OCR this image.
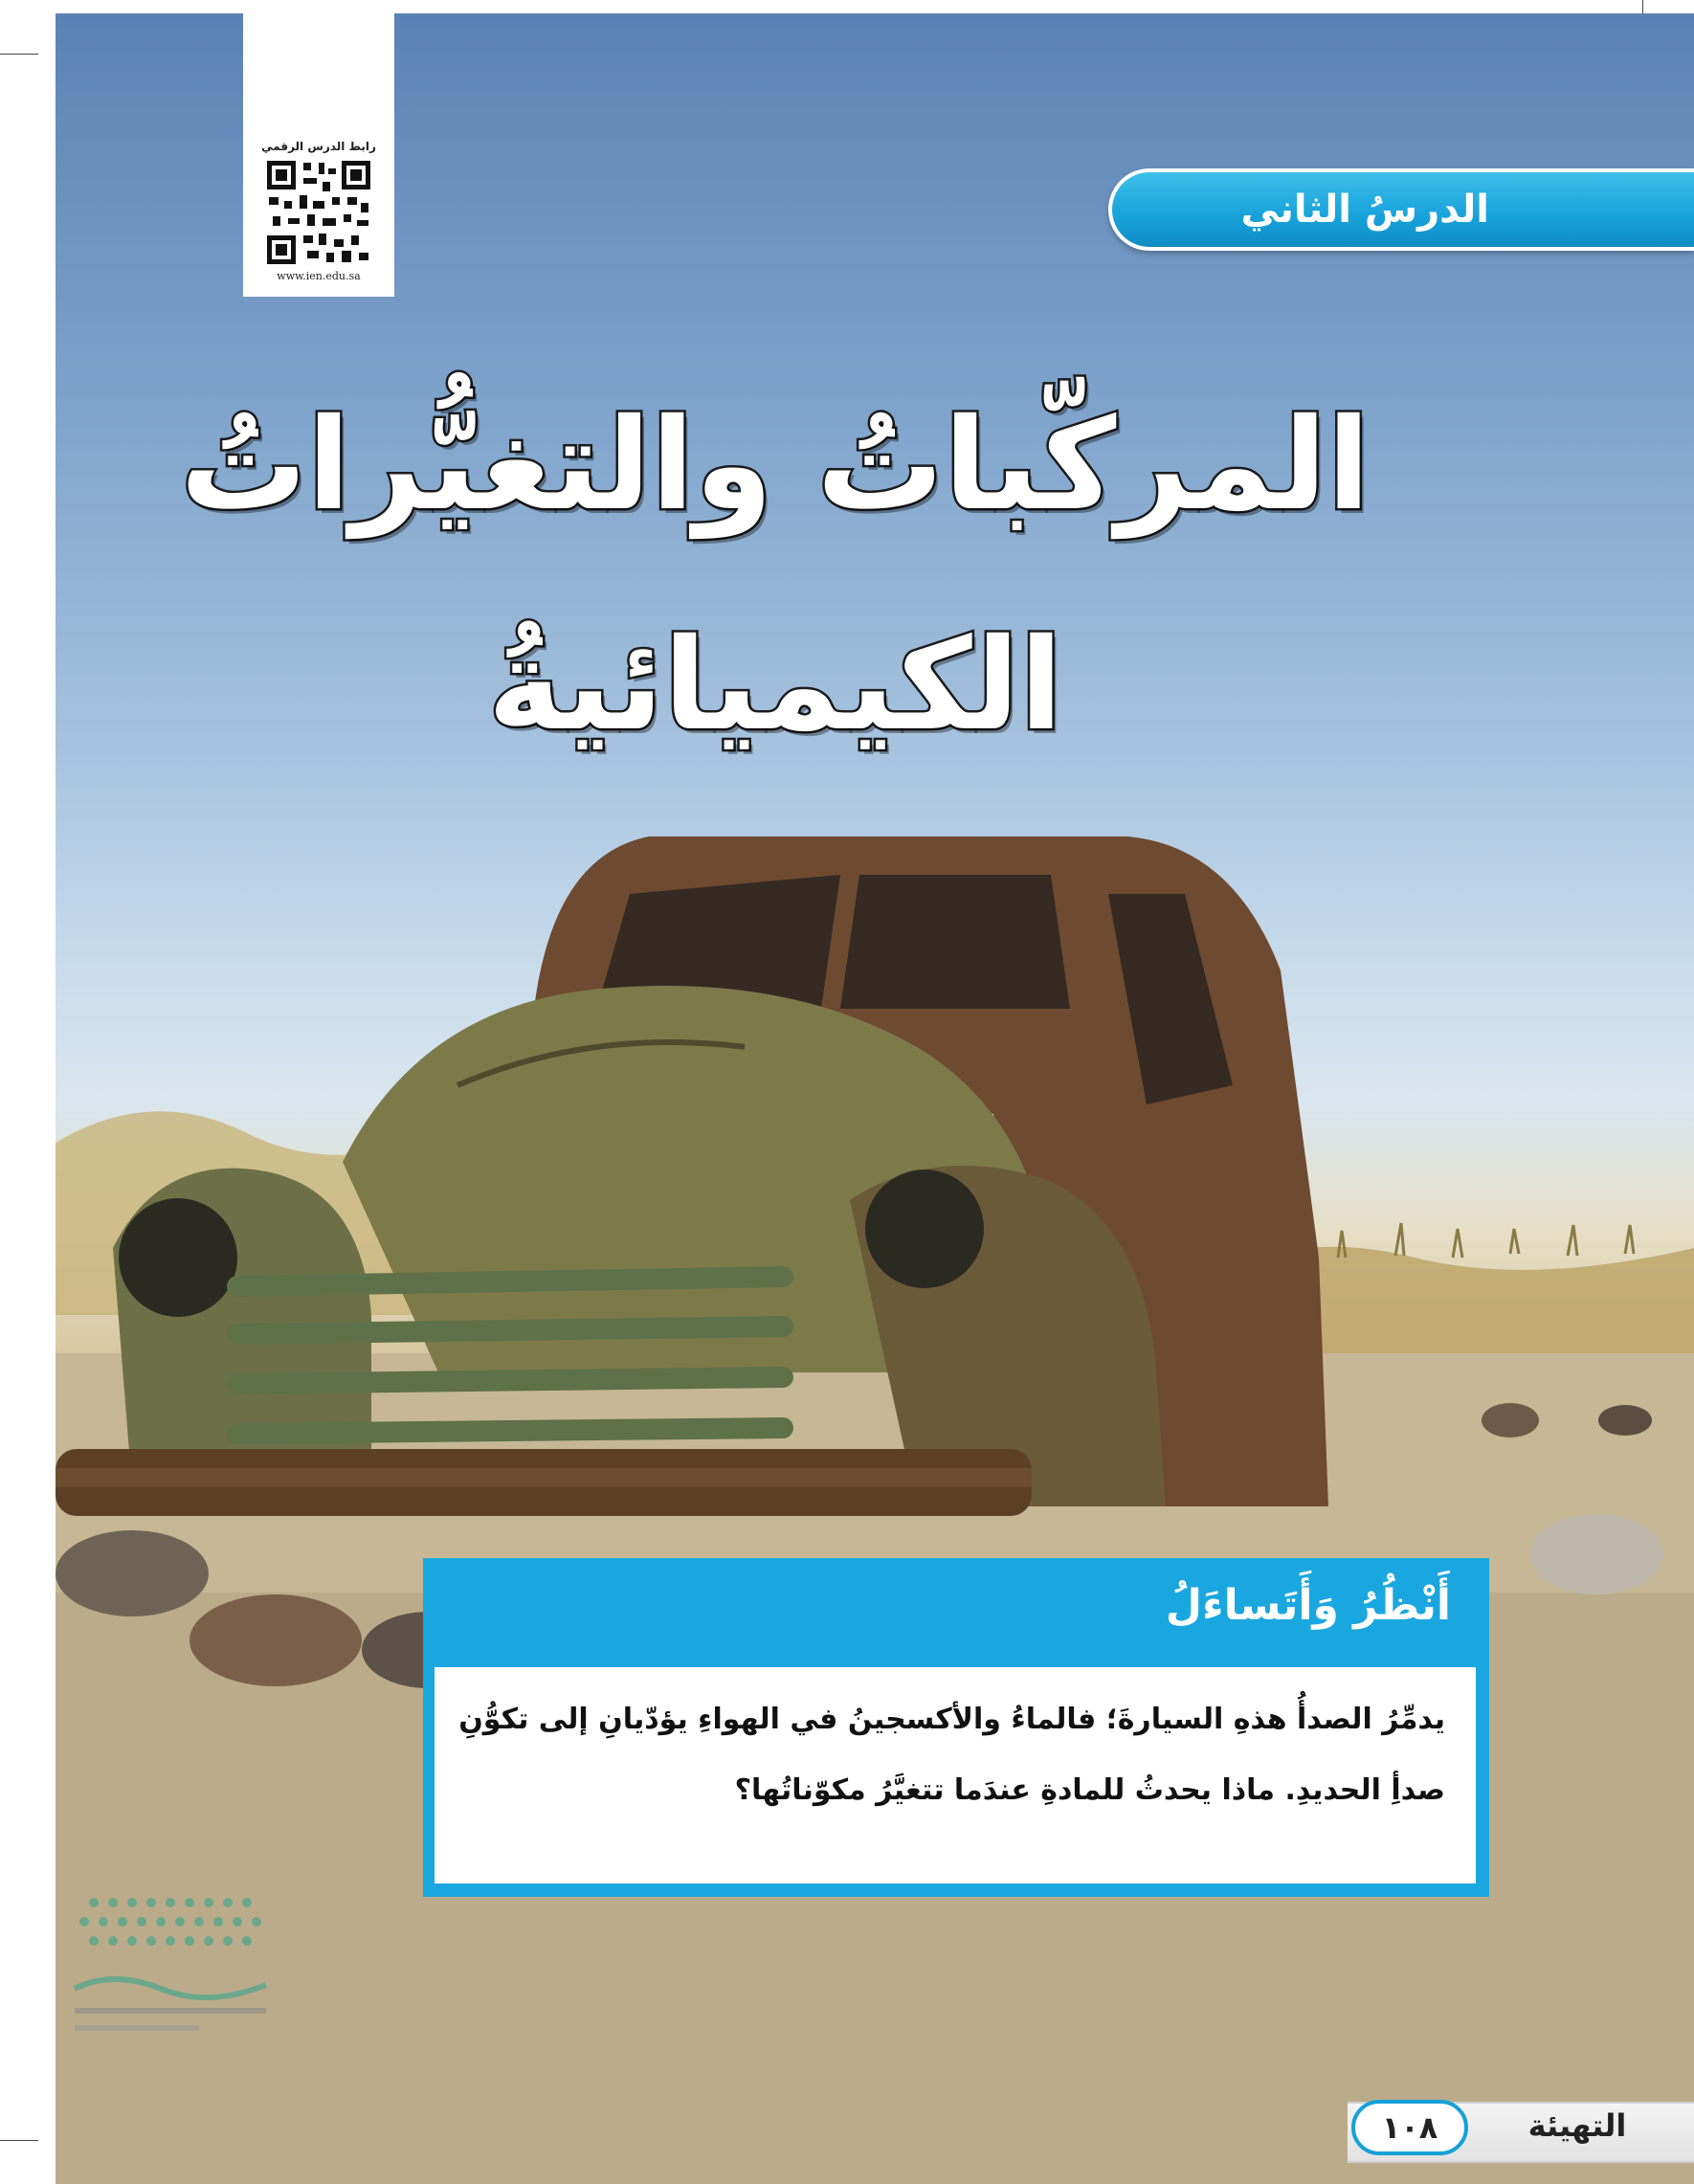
رابط الدرس الرقمي
www.ien.edu.sa
الدرسُ الثاني
المركّباتُ والتغيُّراتُ
الكيميائيةُ
أَنْظُرُ وَأَتَساءَلُ
يدمِّرُ الصدأُ هذهِ السيارةَ؛ فالماءُ والأكسجينُ في الهواءِ يؤدّيانِ إلى تكوُّنِ
صدأِ الحديدِ. ماذا يحدثُ للمادةِ عندَما تتغيَّرُ مكوّناتُها؟
١٠٨	التهيئة
